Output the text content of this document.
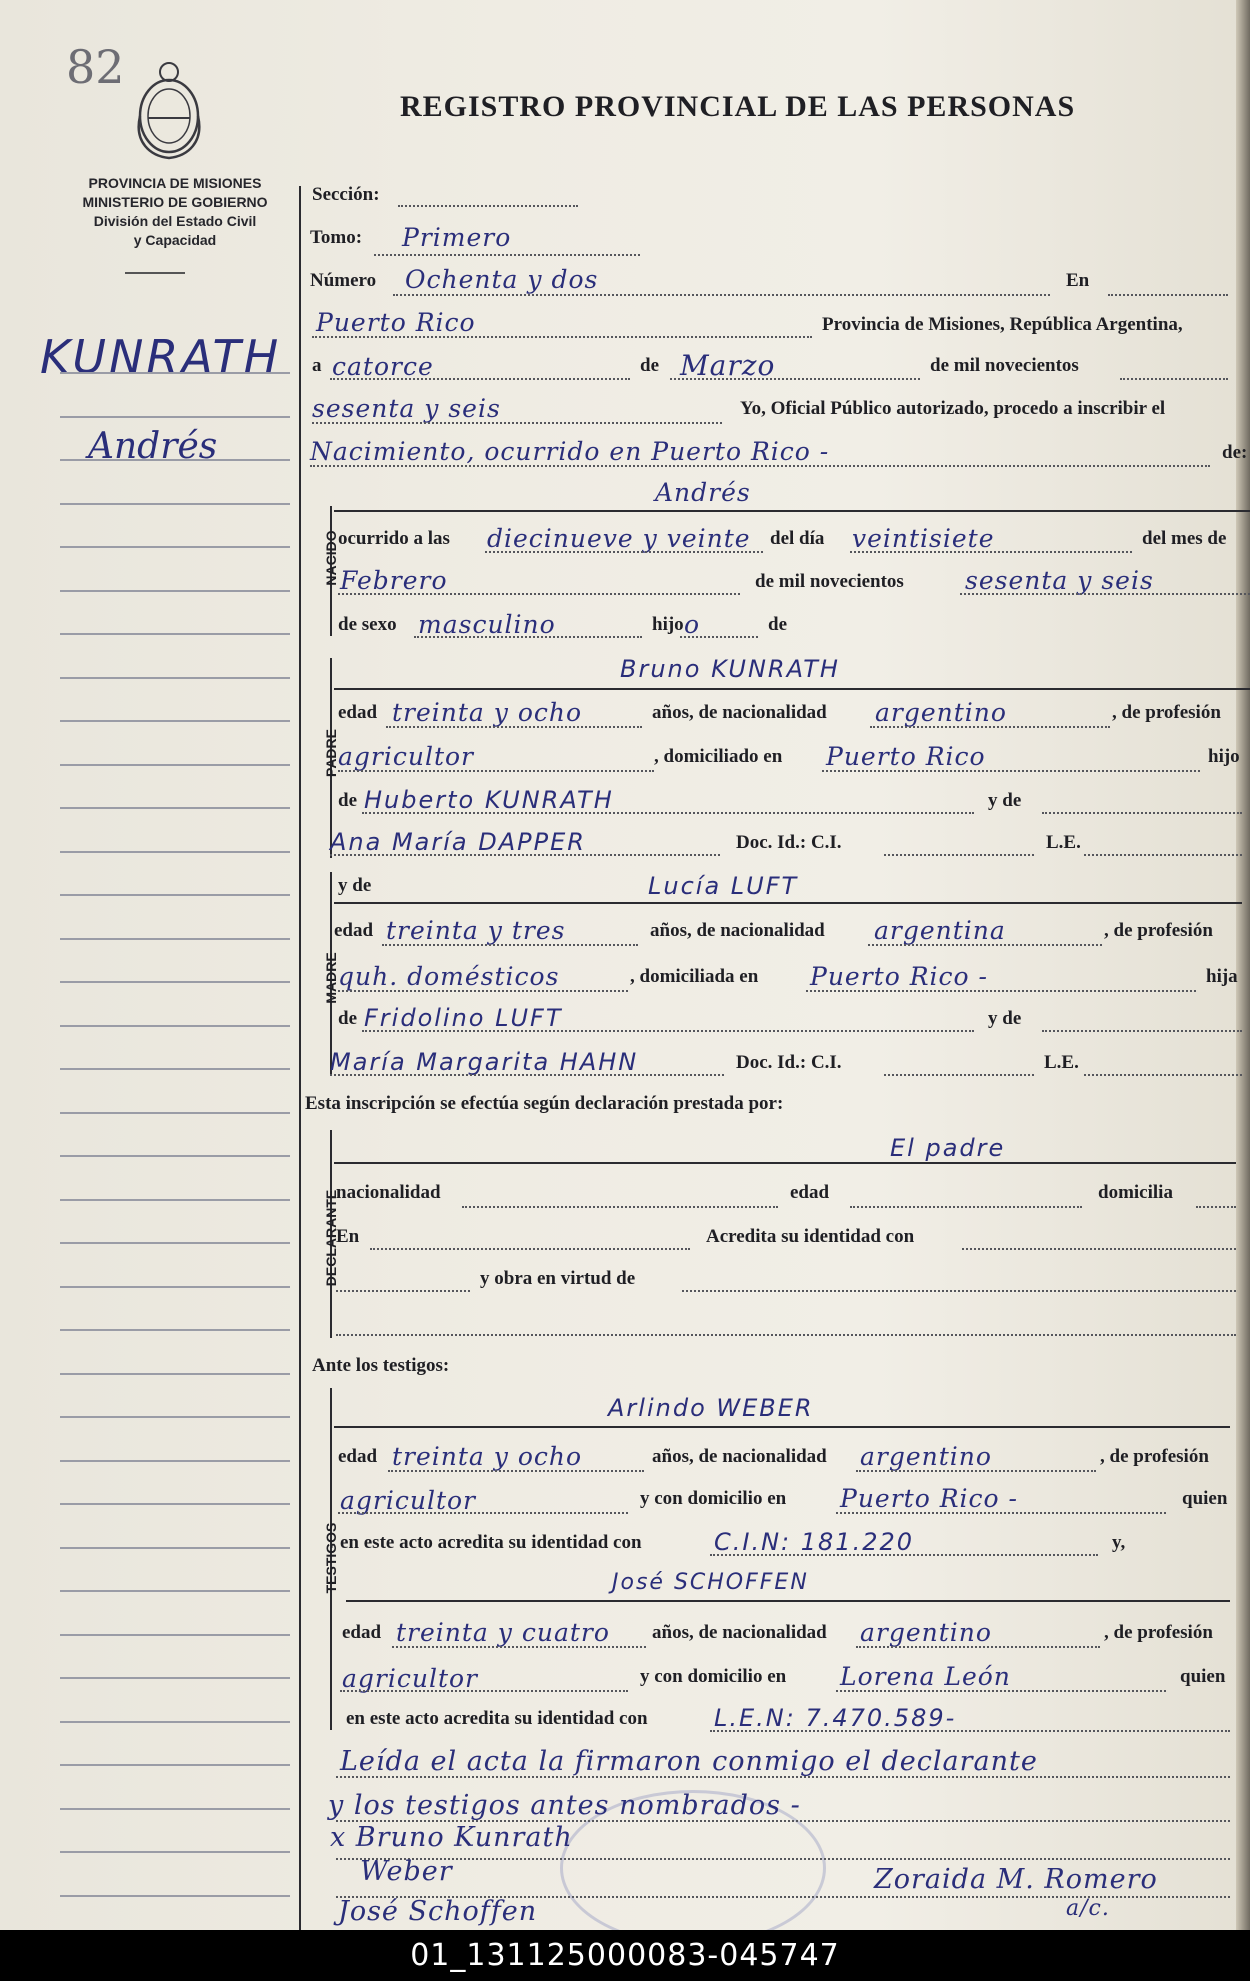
82
REGISTRO PROVINCIAL DE LAS PERSONAS
PROVINCIA DE MISIONES
MINISTERIO DE GOBIERNO
División del Estado Civil
y Capacidad
KUNRATH
Andrés
Sección:
Tomo: Primero
Número Ochenta y dos	En
Puerto Rico	Provincia de Misiones, República Argentina,
a catorce	de Marzo	de mil novecientos
sesenta y seis	Yo, Oficial Público autorizado, procedo a inscribir el
Nacimiento, ocurrido en Puerto Rico -	de:
NACIDO
Andrés
ocurrido a las diecinueve y veinte del día veintisiete	del mes de
Febrero	de mil novecientos sesenta y seis
de sexo masculino	hijo o	de
PADRE
Bruno KUNRATH
edad treinta y ocho	años, de nacionalidad argentino	, de profesión
agricultor	, domiciliado en Puerto Rico	hijo
de Huberto KUNRATH	y de
Ana María DAPPER	Doc. Id.: C.I.	L.E.
MADRE
y de	Lucía LUFT
edad treinta y tres	años, de nacionalidad argentina	, de profesión
quh. domésticos	, domiciliada en Puerto Rico -	hija
de Fridolino LUFT	y de
María Margarita HAHN	Doc. Id.: C.I.	L.E.
Esta inscripción se efectúa según declaración prestada por:
DECLARANTE
El padre
nacionalidad	edad	domicilia
En	Acredita su identidad con
y obra en virtud de
Ante los testigos:
TESTIGOS
Arlindo WEBER
edad treinta y ocho	años, de nacionalidad argentino	, de profesión
agricultor	y con domicilio en Puerto Rico -	quien
en este acto acredita su identidad con	C.I.N: 181.220	y,
José SCHOFFEN
edad treinta y cuatro años, de nacionalidad argentino	, de profesión
agricultor	y con domicilio en Lorena León	quien
en este acto acredita su identidad con	L.E.N: 7.470.589-
Leída el acta la firmaron conmigo el declarante
y los testigos antes nombrados -
x Bruno Kunrath
Weber	Zoraida M. Romero
José Schoffen	a/c.
01_131125000083-045747
